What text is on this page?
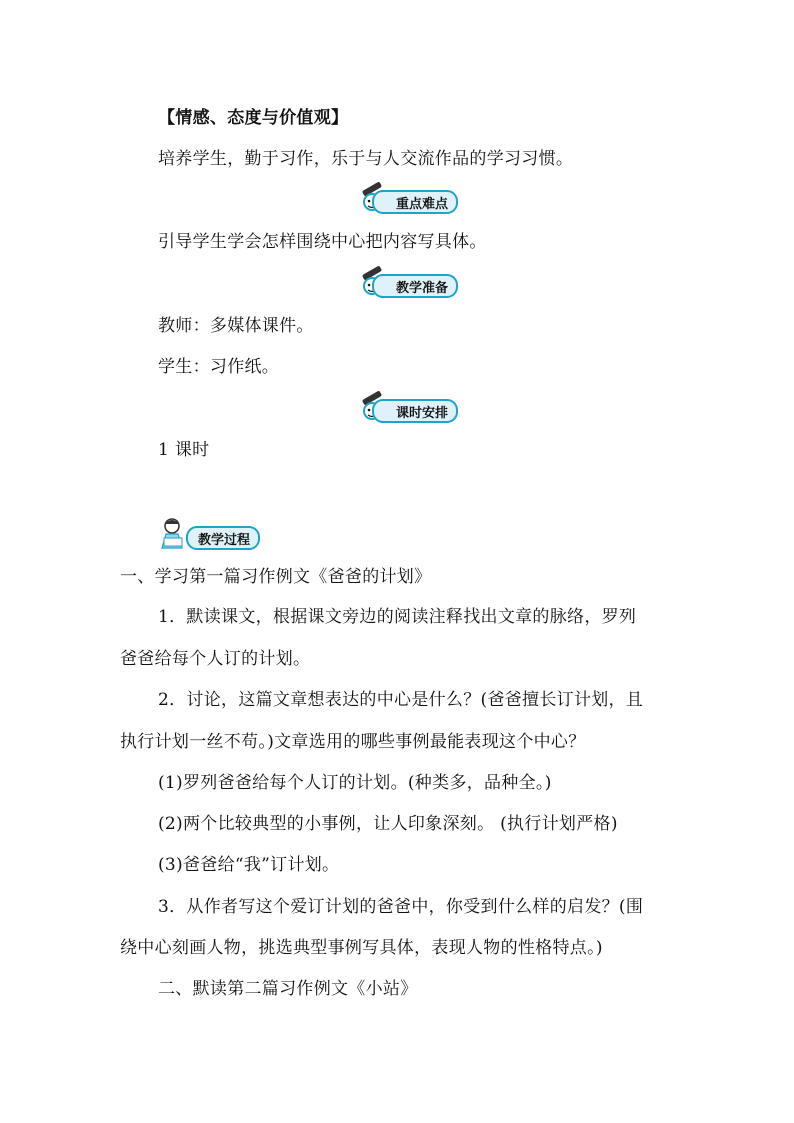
【情感、态度与价值观】
培养学生，勤于习作，乐于与人交流作品的学习习惯。
重点难点
引导学生学会怎样围绕中心把内容写具体。
教学准备
教师：多媒体课件。
学生：习作纸。
课时安排
1 课时
教学过程
一、学习第一篇习作例文《爸爸的计划》
1．默读课文，根据课文旁边的阅读注释找出文章的脉络，罗列
爸爸给每个人订的计划。
2．讨论，这篇文章想表达的中心是什么？(爸爸擅长订计划，且
执行计划一丝不苟。)文章选用的哪些事例最能表现这个中心？
(1)罗列爸爸给每个人订的计划。(种类多，品种全。)
(2)两个比较典型的小事例，让人印象深刻。 (执行计划严格)
(3)爸爸给“我”订计划。
3．从作者写这个爱订计划的爸爸中，你受到什么样的启发？(围
绕中心刻画人物，挑选典型事例写具体，表现人物的性格特点。)
二、默读第二篇习作例文《小站》
